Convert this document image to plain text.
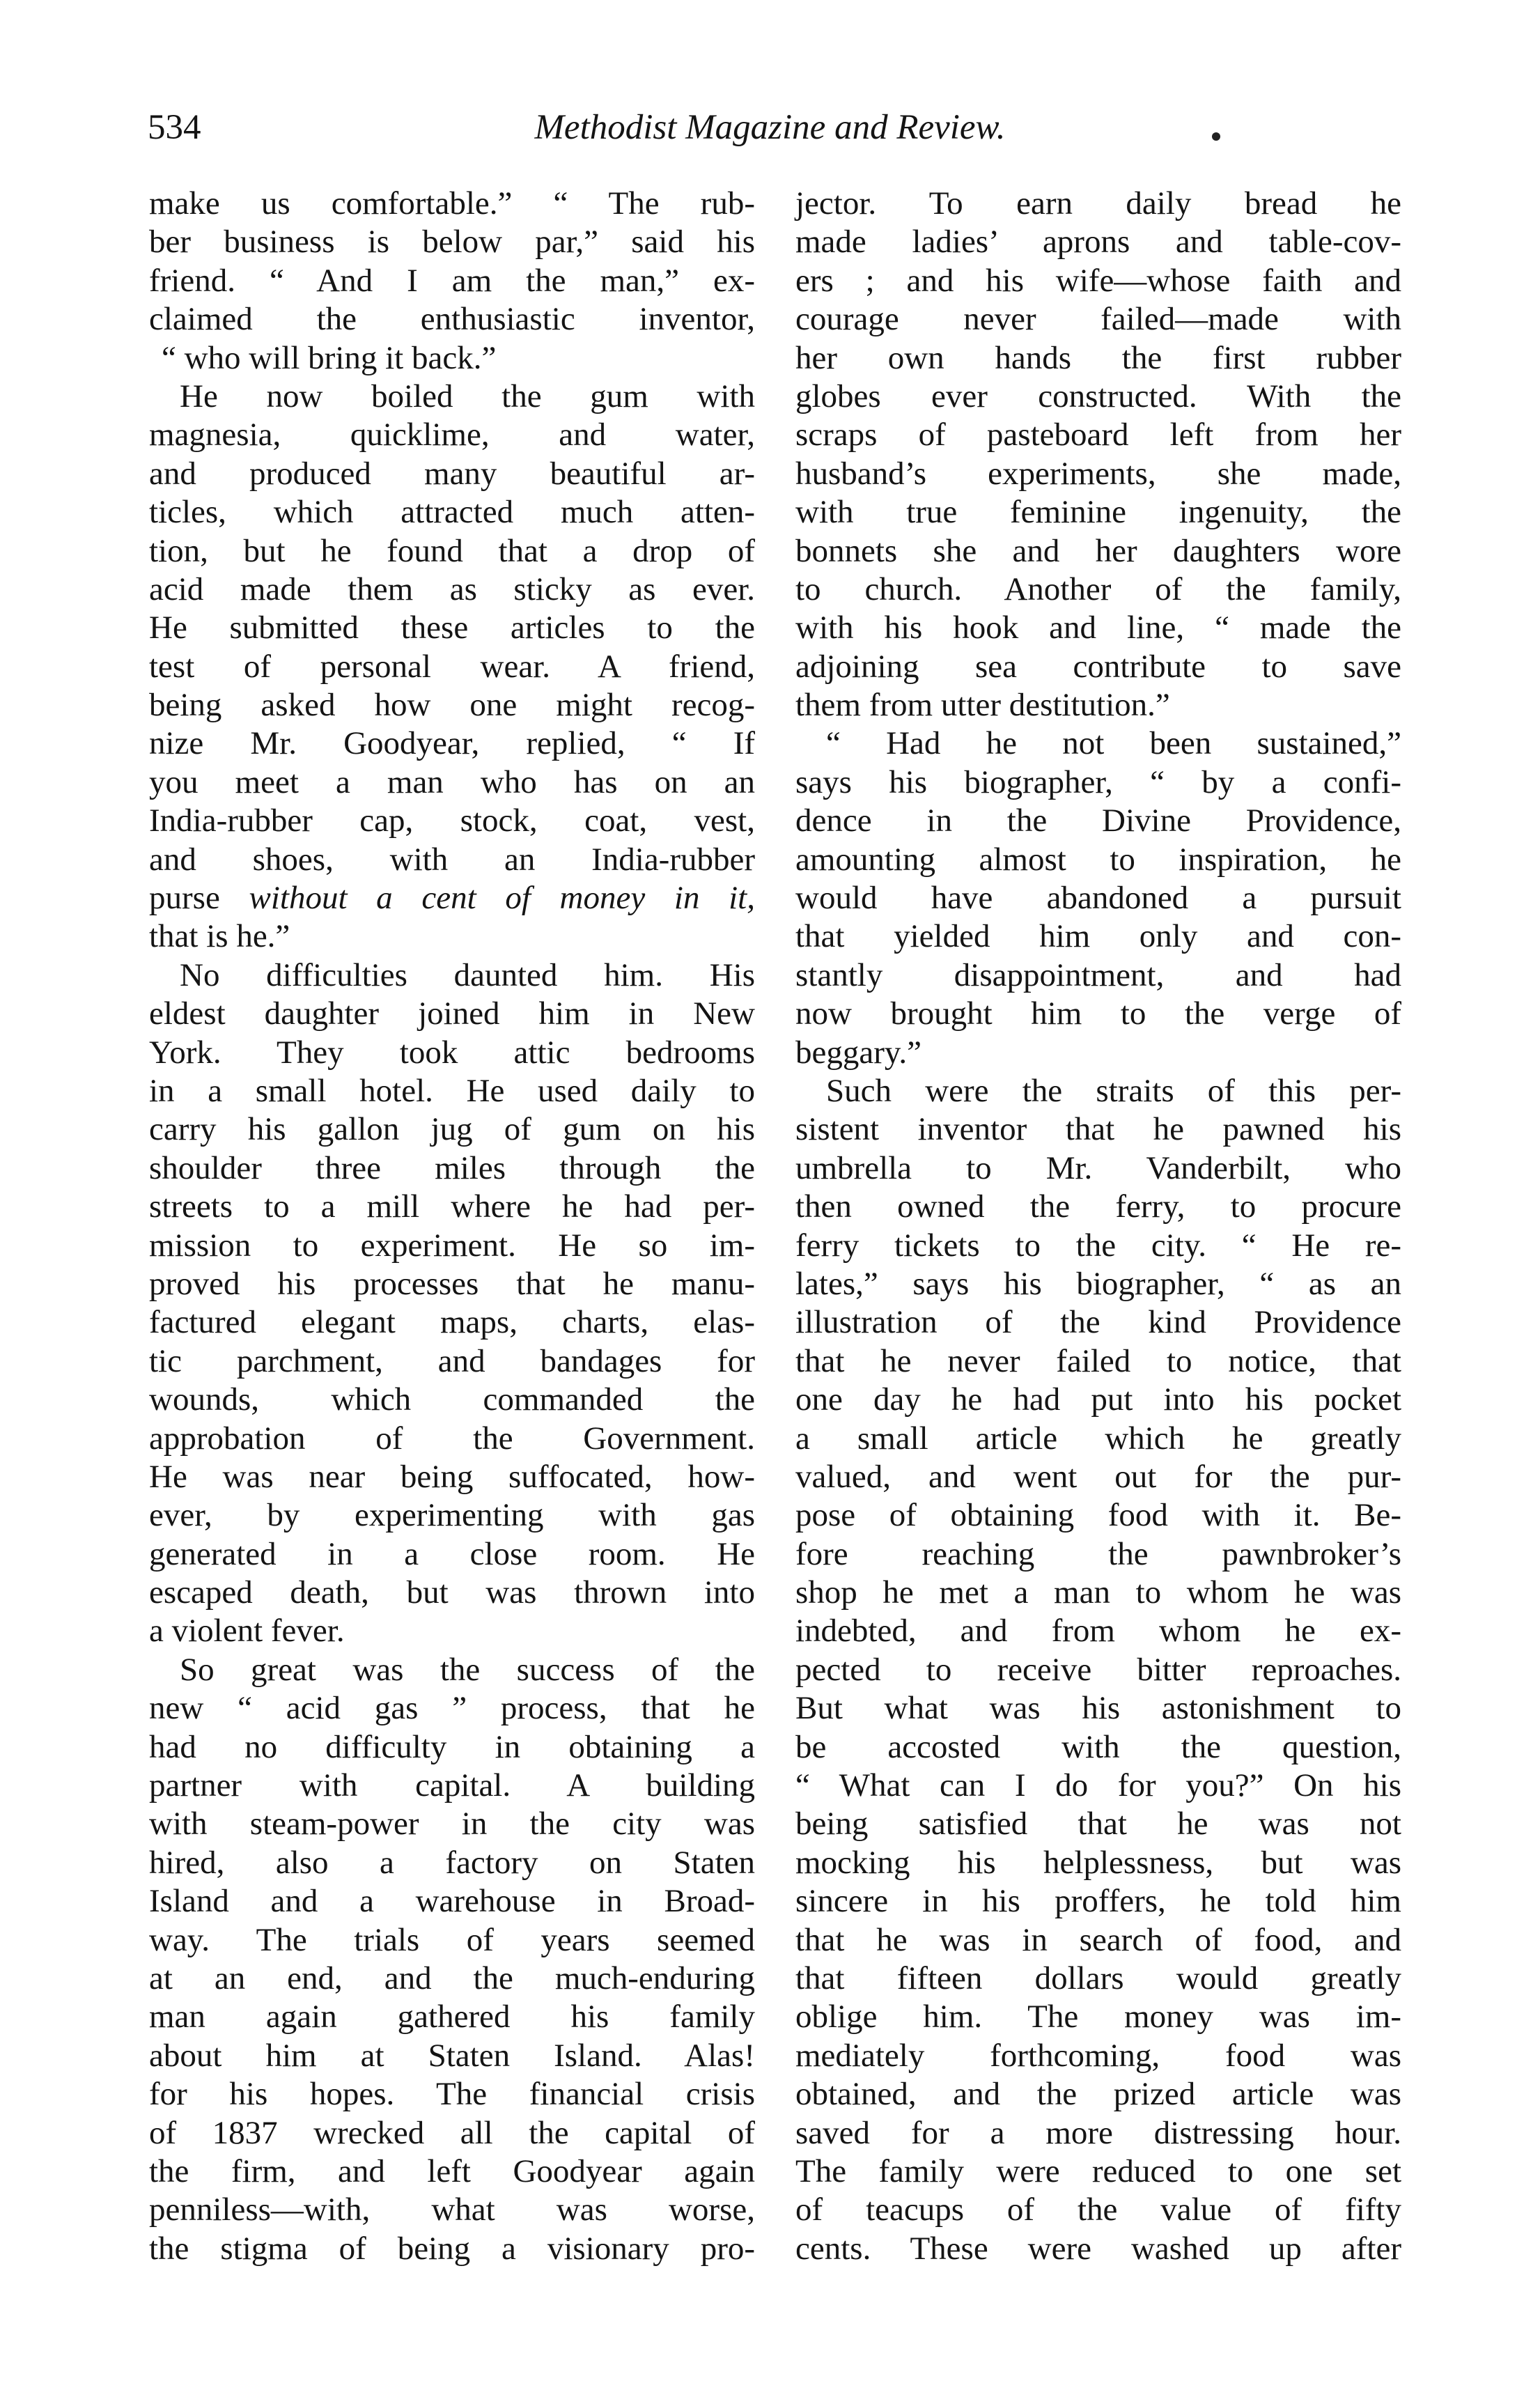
534	Methodist Magazine and Review.
make us comfortable.” “ The rub-
ber business is below par,” said his
friend. “ And I am the man,” ex-
claimed the enthusiastic inventor,
“ who will bring it back.”
He now boiled the gum with
magnesia, quicklime, and water,
and produced many beautiful ar-
ticles, which attracted much atten-
tion, but he found that a drop of
acid made them as sticky as ever.
He submitted these articles to the
test of personal wear. A friend,
being asked how one might recog-
nize Mr. Goodyear, replied, “ If
you meet a man who has on an
India-rubber cap, stock, coat, vest,
and shoes, with an India-rubber
purse without a cent of money in it,
that is he.”
No difficulties daunted him. His
eldest daughter joined him in New
York. They took attic bedrooms
in a small hotel. He used daily to
carry his gallon jug of gum on his
shoulder three miles through the
streets to a mill where he had per-
mission to experiment. He so im-
proved his processes that he manu-
factured elegant maps, charts, elas-
tic parchment, and bandages for
wounds, which commanded the
approbation of the Government.
He was near being suffocated, how-
ever, by experimenting with gas
generated in a close room. He
escaped death, but was thrown into
a violent fever.
So great was the success of the
new “ acid gas ” process, that he
had no difficulty in obtaining a
partner with capital. A building
with steam-power in the city was
hired, also a factory on Staten
Island and a warehouse in Broad-
way. The trials of years seemed
at an end, and the much-enduring
man again gathered his family
about him at Staten Island. Alas!
for his hopes. The financial crisis
of 1837 wrecked all the capital of
the firm, and left Goodyear again
penniless—with, what was worse,
the stigma of being a visionary pro-
jector. To earn daily bread he
made ladies’ aprons and table-cov-
ers ; and his wife—whose faith and
courage never failed—made with
her own hands the first rubber
globes ever constructed. With the
scraps of pasteboard left from her
husband’s experiments, she made,
with true feminine ingenuity, the
bonnets she and her daughters wore
to church. Another of the family,
with his hook and line, “ made the
adjoining sea contribute to save
them from utter destitution.”
“ Had he not been sustained,”
says his biographer, “ by a confi-
dence in the Divine Providence,
amounting almost to inspiration, he
would have abandoned a pursuit
that yielded him only and con-
stantly disappointment, and had
now brought him to the verge of
beggary.”
Such were the straits of this per-
sistent inventor that he pawned his
umbrella to Mr. Vanderbilt, who
then owned the ferry, to procure
ferry tickets to the city. “ He re-
lates,” says his biographer, “ as an
illustration of the kind Providence
that he never failed to notice, that
one day he had put into his pocket
a small article which he greatly
valued, and went out for the pur-
pose of obtaining food with it. Be-
fore reaching the pawnbroker’s
shop he met a man to whom he was
indebted, and from whom he ex-
pected to receive bitter reproaches.
But what was his astonishment to
be accosted with the question,
“ What can I do for you?” On his
being satisfied that he was not
mocking his helplessness, but was
sincere in his proffers, he told him
that he was in search of food, and
that fifteen dollars would greatly
oblige him. The money was im-
mediately forthcoming, food was
obtained, and the prized article was
saved for a more distressing hour.
The family were reduced to one set
of teacups of the value of fifty
cents. These were washed up after
